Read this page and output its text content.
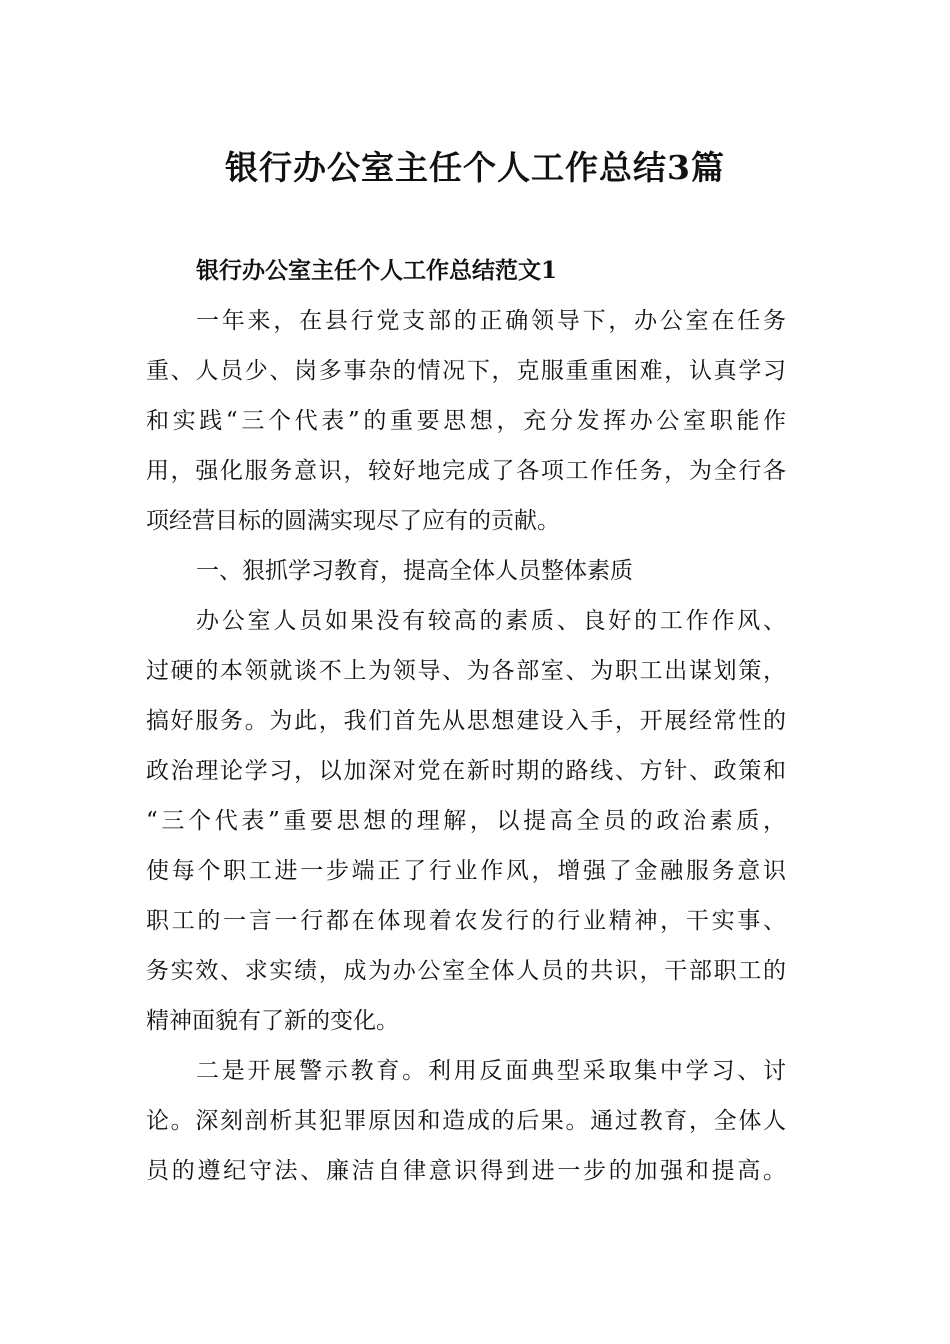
银行办公室主任个人工作总结3篇
银行办公室主任个人工作总结范文1
一年来，在县行党支部的正确领导下，办公室在任务
重、人员少、岗多事杂的情况下，克服重重困难，认真学习
和实践“三个代表”的重要思想，充分发挥办公室职能作
用，强化服务意识，较好地完成了各项工作任务，为全行各
项经营目标的圆满实现尽了应有的贡献。
一、狠抓学习教育，提高全体人员整体素质
办公室人员如果没有较高的素质、良好的工作作风、
过硬的本领就谈不上为领导、为各部室、为职工出谋划策，
搞好服务。为此，我们首先从思想建设入手，开展经常性的
政治理论学习，以加深对党在新时期的路线、方针、政策和
“三个代表”重要思想的理解，以提高全员的政治素质，
使每个职工进一步端正了行业作风，增强了金融服务意识
职工的一言一行都在体现着农发行的行业精神，干实事、
务实效、求实绩，成为办公室全体人员的共识，干部职工的
精神面貌有了新的变化。
二是开展警示教育。利用反面典型采取集中学习、讨
论。深刻剖析其犯罪原因和造成的后果。通过教育，全体人
员的遵纪守法、廉洁自律意识得到进一步的加强和提高。
